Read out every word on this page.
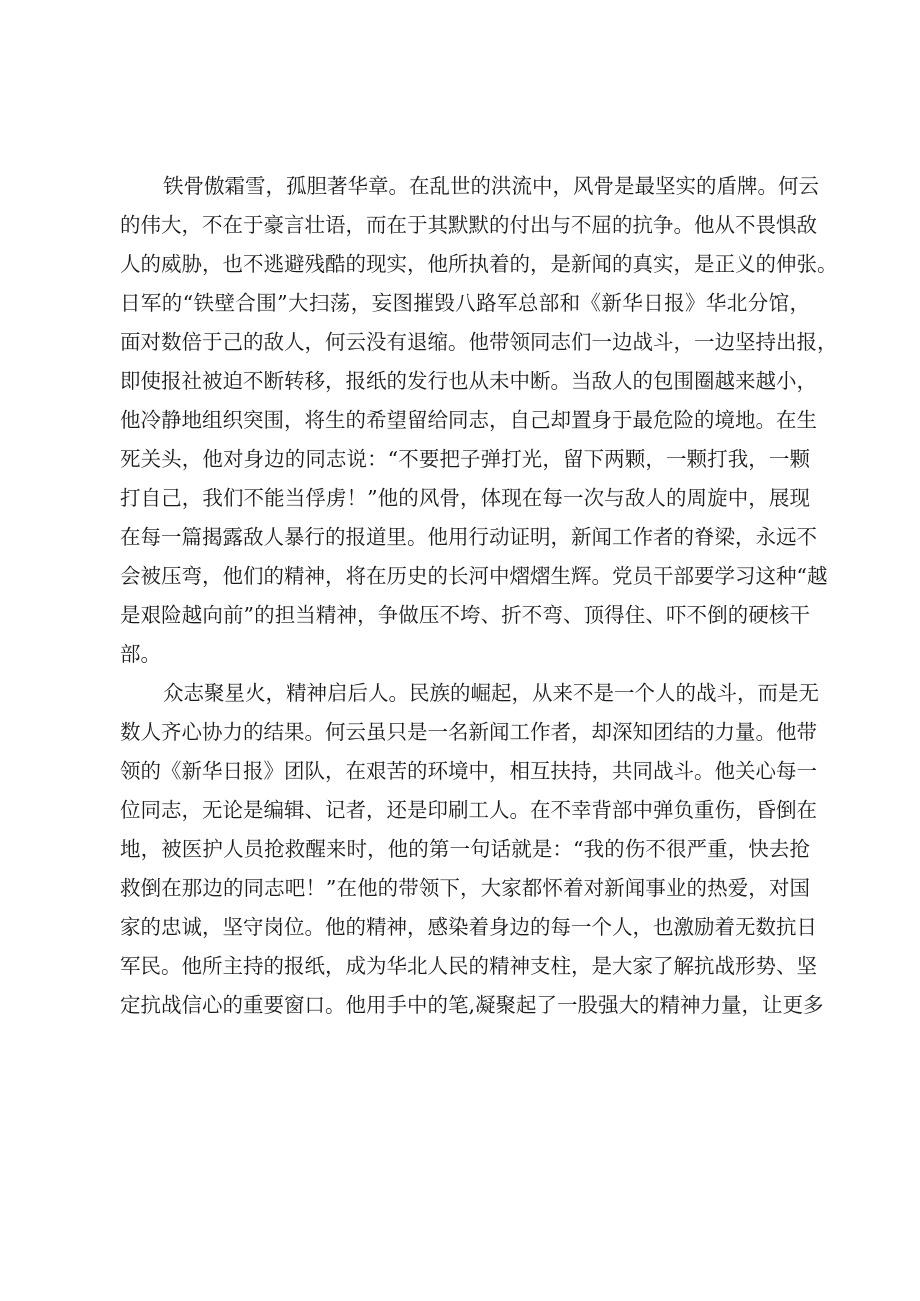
铁骨傲霜雪，孤胆著华章。在乱世的洪流中，风骨是最坚实的盾牌。何云
的伟大，不在于豪言壮语，而在于其默默的付出与不屈的抗争。他从不畏惧敌
人的威胁，也不逃避残酷的现实，他所执着的，是新闻的真实，是正义的伸张。
日军的“铁壁合围”大扫荡，妄图摧毁八路军总部和《新华日报》华北分馆，
面对数倍于己的敌人，何云没有退缩。他带领同志们一边战斗，一边坚持出报，
即使报社被迫不断转移，报纸的发行也从未中断。当敌人的包围圈越来越小，
他冷静地组织突围，将生的希望留给同志，自己却置身于最危险的境地。在生
死关头，他对身边的同志说：“不要把子弹打光，留下两颗，一颗打我，一颗
打自己，我们不能当俘虏！”他的风骨，体现在每一次与敌人的周旋中，展现
在每一篇揭露敌人暴行的报道里。他用行动证明，新闻工作者的脊梁，永远不
会被压弯，他们的精神，将在历史的长河中熠熠生辉。党员干部要学习这种“越
是艰险越向前”的担当精神，争做压不垮、折不弯、顶得住、吓不倒的硬核干
部。
众志聚星火，精神启后人。民族的崛起，从来不是一个人的战斗，而是无
数人齐心协力的结果。何云虽只是一名新闻工作者，却深知团结的力量。他带
领的《新华日报》团队，在艰苦的环境中，相互扶持，共同战斗。他关心每一
位同志，无论是编辑、记者，还是印刷工人。在不幸背部中弹负重伤，昏倒在
地，被医护人员抢救醒来时，他的第一句话就是：“我的伤不很严重，快去抢
救倒在那边的同志吧！”在他的带领下，大家都怀着对新闻事业的热爱，对国
家的忠诚，坚守岗位。他的精神，感染着身边的每一个人，也激励着无数抗日
军民。他所主持的报纸，成为华北人民的精神支柱，是大家了解抗战形势、坚
定抗战信心的重要窗口。他用手中的笔,凝聚起了一股强大的精神力量，让更多
